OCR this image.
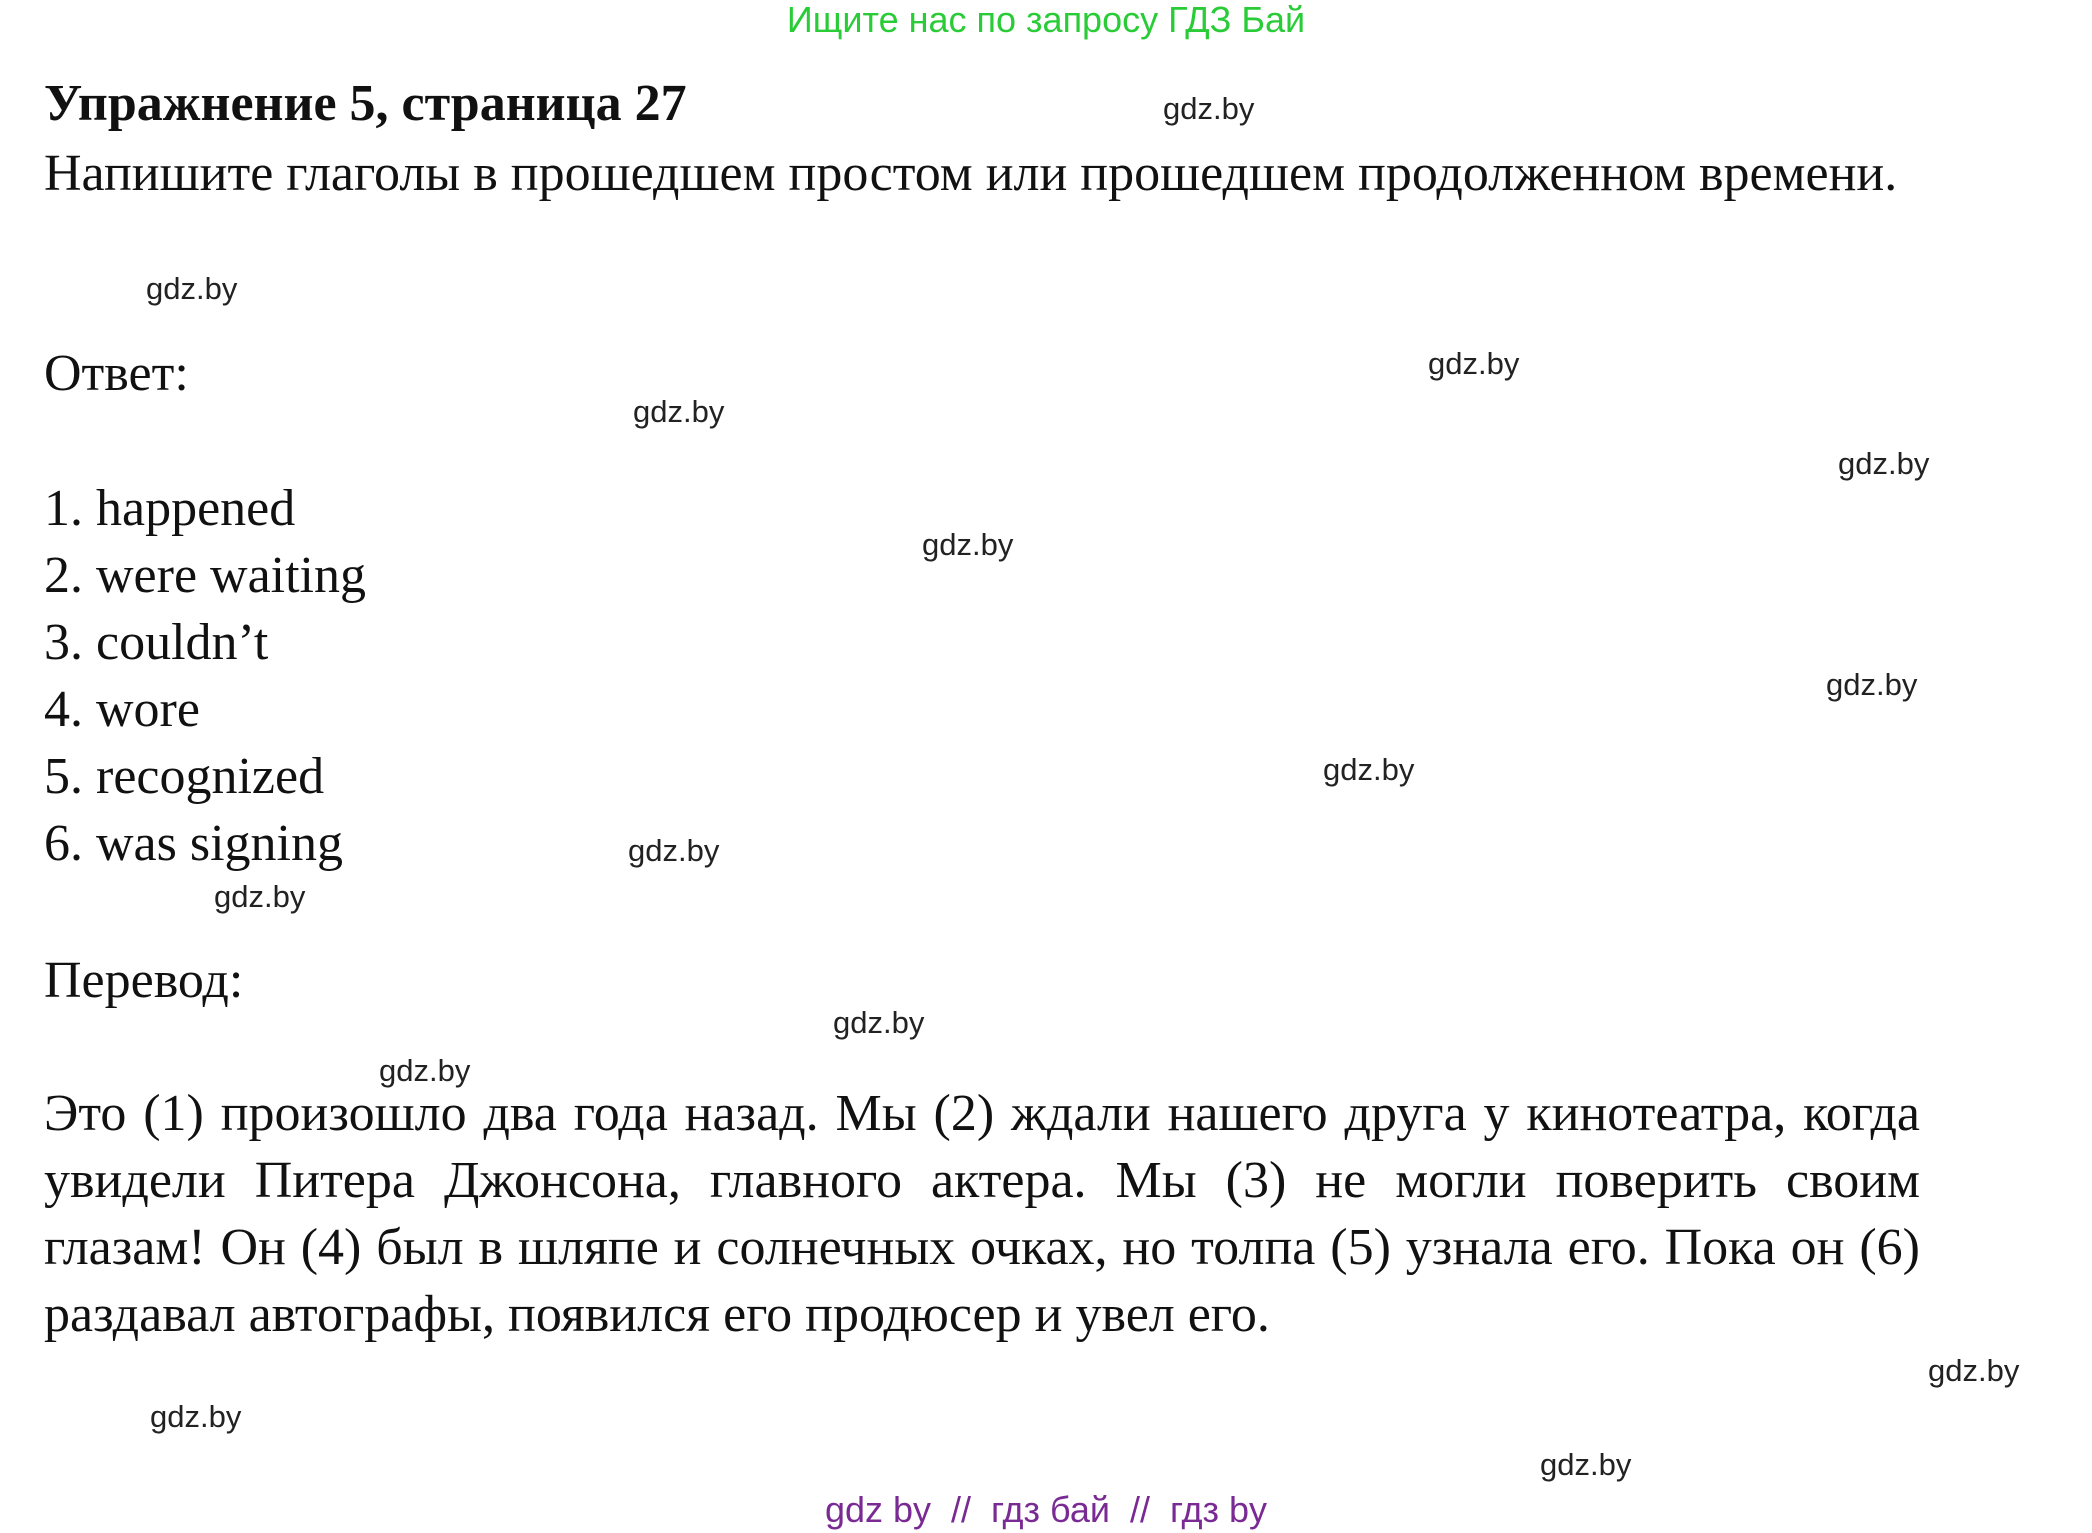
Ищите нас по запросу ГДЗ Бай
Упражнение 5, страница 27
Напишите глаголы в прошедшем простом или прошедшем продолженном времени.
Ответ:
1. happened
2. were waiting
3. couldn’t
4. wore
5. recognized
6. was signing
Перевод:
Это (1) произошло два года назад. Мы (2) ждали нашего друга у кинотеатра, когда увидели Питера Джонсона, главного актера. Мы (3) не могли поверить своим глазам! Он (4) был в шляпе и солнечных очках, но толпа (5) узнала его. Пока он (6) раздавал автографы, появился его продюсер и увел его.
gdz.by
gdz.by
gdz.by
gdz.by
gdz.by
gdz.by
gdz.by
gdz.by
gdz.by
gdz.by
gdz.by
gdz.by
gdz.by
gdz.by
gdz.by
gdz by  //  гдз бай  //  гдз by
